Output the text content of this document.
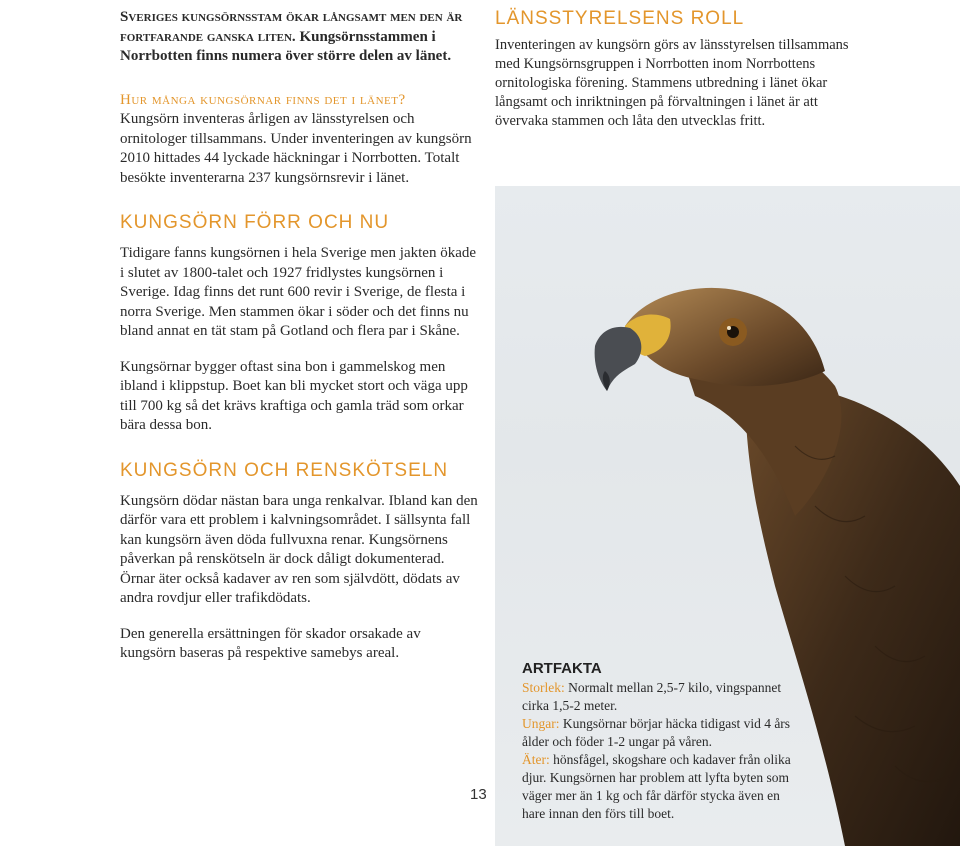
Sveriges kungsörnsstam ökar långsamt men den är fortfarande ganska liten. Kungsörnsstammen i Norrbotten finns numera över större delen av länet.

Hur många kungsörnar finns det i länet?

Kungsörn inventeras årligen av länsstyrelsen och ornitologer tillsammans. Under inventeringen av kungsörn 2010 hittades 44 lyckade häckningar i Norrbotten. Totalt besökte inventerarna 237 kungsörnsrevir i länet.

KUNGSÖRN FÖRR OCH NU

Tidigare fanns kungsörnen i hela Sverige men jakten ökade i slutet av 1800-talet och 1927 fridlystes kungsörnen i Sverige. Idag finns det runt 600 revir i Sverige, de flesta i norra Sverige. Men stammen ökar i söder och det finns nu bland annat en tät stam på Gotland och flera par i Skåne.

Kungsörnar bygger oftast sina bon i gammelskog men ibland i klippstup. Boet kan bli mycket stort och väga upp till 700 kg så det krävs kraftiga och gamla träd som orkar bära dessa bon.

KUNGSÖRN OCH RENSKÖTSELN

Kungsörn dödar nästan bara unga renkalvar. Ibland kan den därför vara ett problem i kalvningsområdet. I sällsynta fall kan kungsörn även döda fullvuxna renar. Kungsörnens påverkan på renskötseln är dock dåligt dokumenterad. Örnar äter också kadaver av ren som självdött, dödats av andra rovdjur eller trafikdödats.

Den generella ersättningen för skador orsakade av kungsörn baseras på respektive samebys areal.

LÄNSSTYRELSENS ROLL

Inventeringen av kungsörn görs av länsstyrelsen tillsammans med Kungsörnsgruppen i Norrbotten inom Norrbottens ornitologiska förening. Stammens utbredning i länet ökar långsamt och inriktningen på förvaltningen i länet är att övervaka stammen och låta den utvecklas fritt.

ARTFAKTA

Storlek: Normalt mellan 2,5-7 kilo, vingspannet cirka 1,5-2 meter.

Ungar: Kungsörnar börjar häcka tidigast vid 4 års ålder och föder 1-2 ungar på våren.

Äter: hönsfågel, skogshare och kadaver från olika djur. Kungsörnen har problem att lyfta byten som väger mer än 1 kg och får därför stycka även en hare innan den förs till boet.

13
